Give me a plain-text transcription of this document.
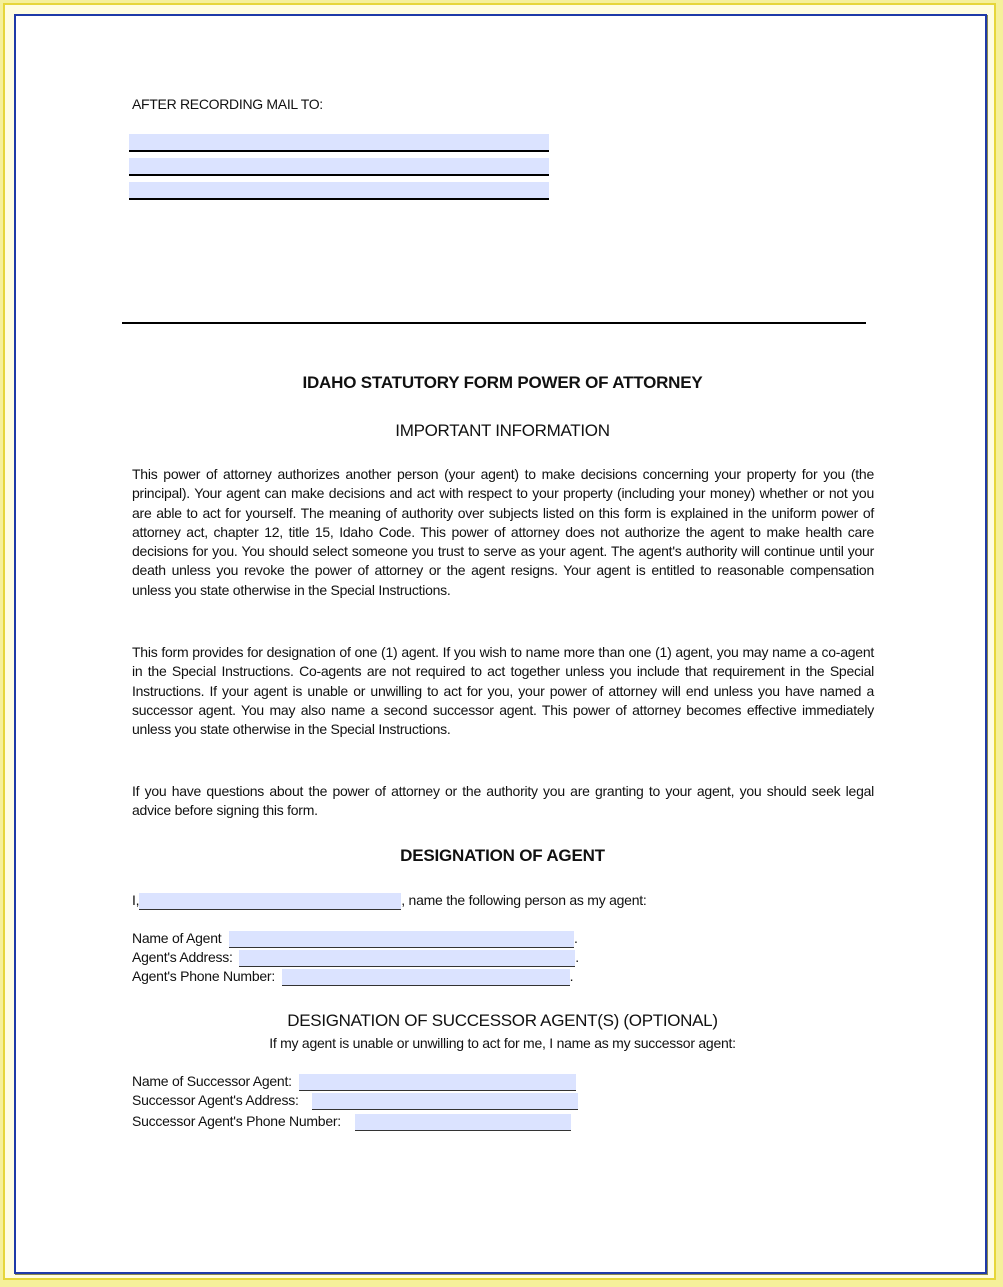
AFTER RECORDING MAIL TO:
IDAHO STATUTORY FORM POWER OF ATTORNEY
IMPORTANT INFORMATION

This power of attorney authorizes another person (your agent) to make decisions concerning your property for you (the principal). Your agent can make decisions and act with respect to your property (including your money) whether or not you are able to act for yourself. The meaning of authority over subjects listed on this form is explained in the uniform power of attorney act, chapter 12, title 15, Idaho Code. This power of attorney does not authorize the agent to make health care decisions for you. You should select someone you trust to serve as your agent. The agent's authority will continue until your death unless you revoke the power of attorney or the agent resigns. Your agent is entitled to reasonable compensation unless you state otherwise in the Special Instructions.

This form provides for designation of one (1) agent. If you wish to name more than one (1) agent, you may name a co-agent in the Special Instructions. Co-agents are not required to act together unless you include that requirement in the Special Instructions. If your agent is unable or unwilling to act for you, your power of attorney will end unless you have named a successor agent. You may also name a second successor agent. This power of attorney becomes effective immediately unless you state otherwise in the Special Instructions.

If you have questions about the power of attorney or the authority you are granting to your agent, you should seek legal advice before signing this form.

DESIGNATION OF AGENT
I,	, name the following person as my agent:
Name of Agent	.
Agent's Address:	.
Agent's Phone Number:	.
DESIGNATION OF SUCCESSOR AGENT(S) (OPTIONAL)
If my agent is unable or unwilling to act for me, I name as my successor agent:
Name of Successor Agent:
Successor Agent's Address:
Successor Agent's Phone Number:
